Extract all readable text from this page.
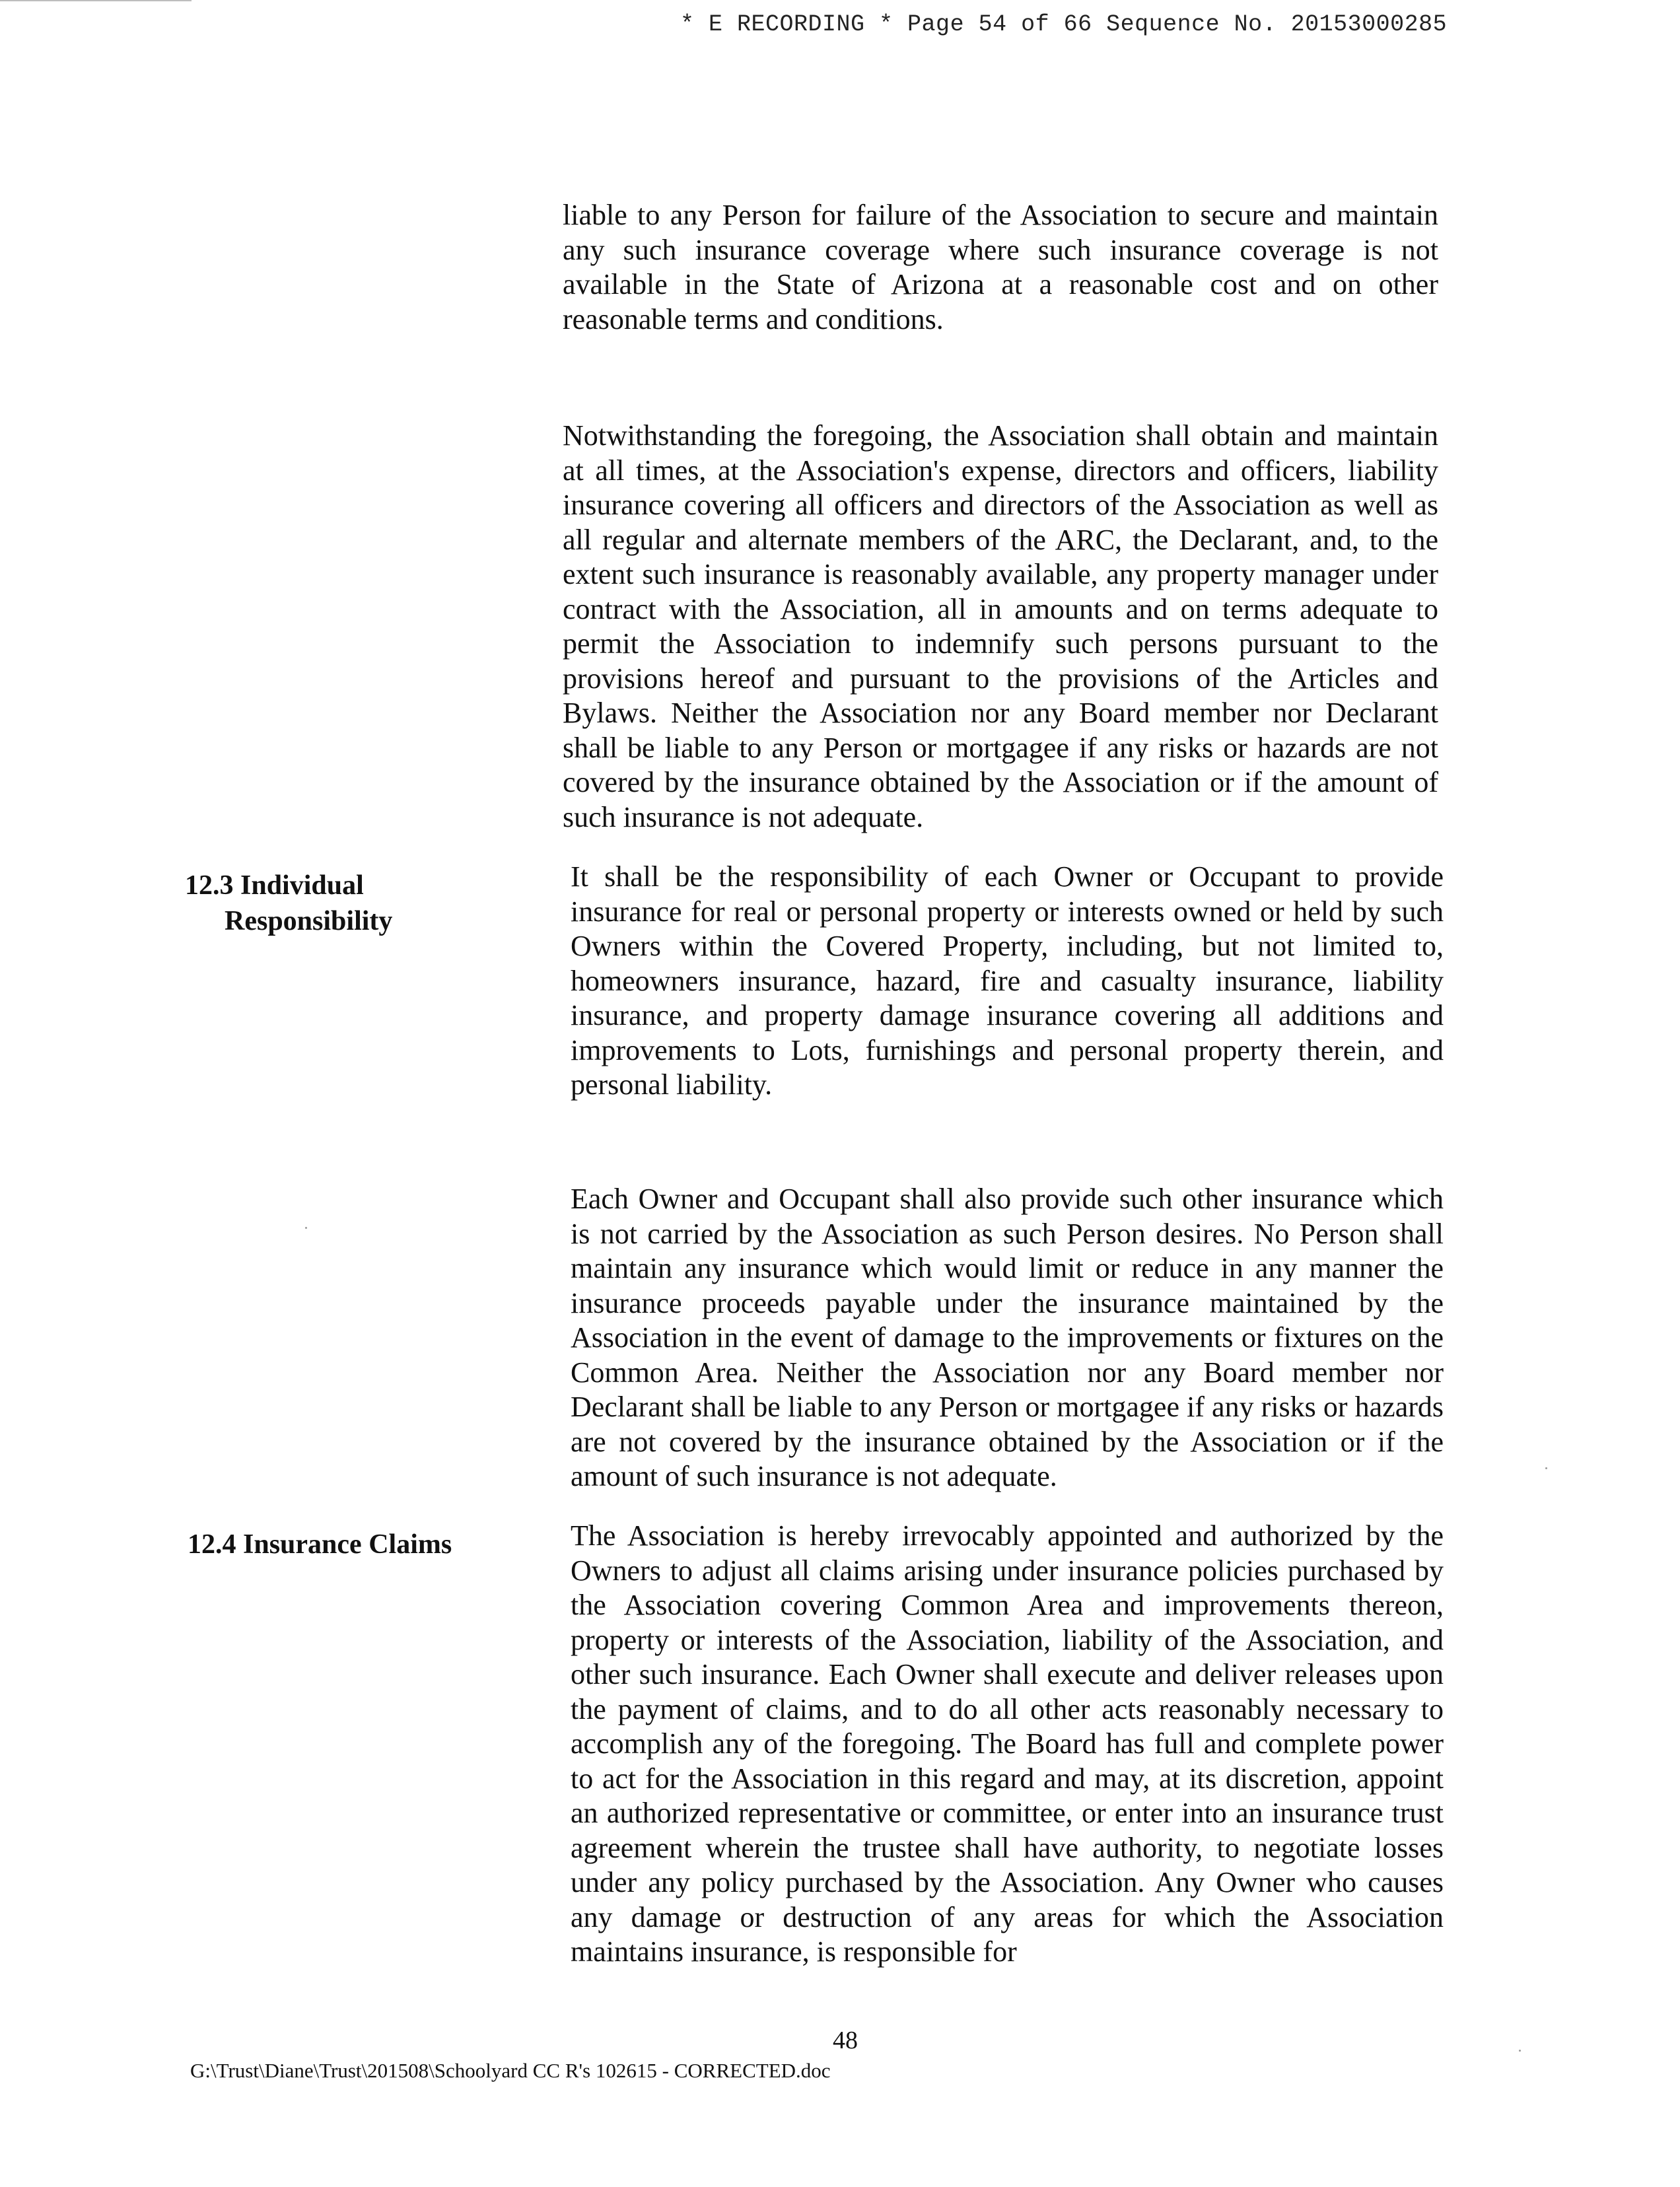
* E RECORDING * Page 54 of 66 Sequence No. 20153000285
liable to any Person for failure of the Association to secure and maintain any such insurance coverage where such insurance coverage is not available in the State of Arizona at a reasonable cost and on other reasonable terms and conditions.
Notwithstanding the foregoing, the Association shall obtain and maintain at all times, at the Association's expense, directors and officers, liability insurance covering all officers and directors of the Association as well as all regular and alternate members of the ARC, the Declarant, and, to the extent such insurance is reasonably available, any property manager under contract with the Association, all in amounts and on terms adequate to permit the Association to indemnify such persons pursuant to the provisions hereof and pursuant to the provisions of the Articles and Bylaws. Neither the Association nor any Board member nor Declarant shall be liable to any Person or mortgagee if any risks or hazards are not covered by the insurance obtained by the Association or if the amount of such insurance is not adequate.
12.3 Individual
Responsibility
It shall be the responsibility of each Owner or Occupant to provide insurance for real or personal property or interests owned or held by such Owners within the Covered Property, including, but not limited to, homeowners insurance, hazard, fire and casualty insurance, liability insurance, and property damage insurance covering all additions and improvements to Lots, furnishings and personal property therein, and personal liability.
Each Owner and Occupant shall also provide such other insurance which is not carried by the Association as such Person desires. No Person shall maintain any insurance which would limit or reduce in any manner the insurance proceeds payable under the insurance maintained by the Association in the event of damage to the improvements or fixtures on the Common Area. Neither the Association nor any Board member nor Declarant shall be liable to any Person or mortgagee if any risks or hazards are not covered by the insurance obtained by the Association or if the amount of such insurance is not adequate.
12.4 Insurance Claims	The Association is hereby irrevocably appointed and authorized by the Owners to adjust all claims arising under insurance policies purchased by the Association covering Common Area and improvements thereon, property or interests of the Association, liability of the Association, and other such insurance. Each Owner shall execute and deliver releases upon the payment of claims, and to do all other acts reasonably necessary to accomplish any of the foregoing. The Board has full and complete power to act for the Association in this regard and may, at its discretion, appoint an authorized representative or committee, or enter into an insurance trust agreement wherein the trustee shall have authority, to negotiate losses under any policy purchased by the Association. Any Owner who causes any damage or destruction of any areas for which the Association maintains insurance, is responsible for
48
G:\Trust\Diane\Trust\201508\Schoolyard CC R's 102615 - CORRECTED.doc
